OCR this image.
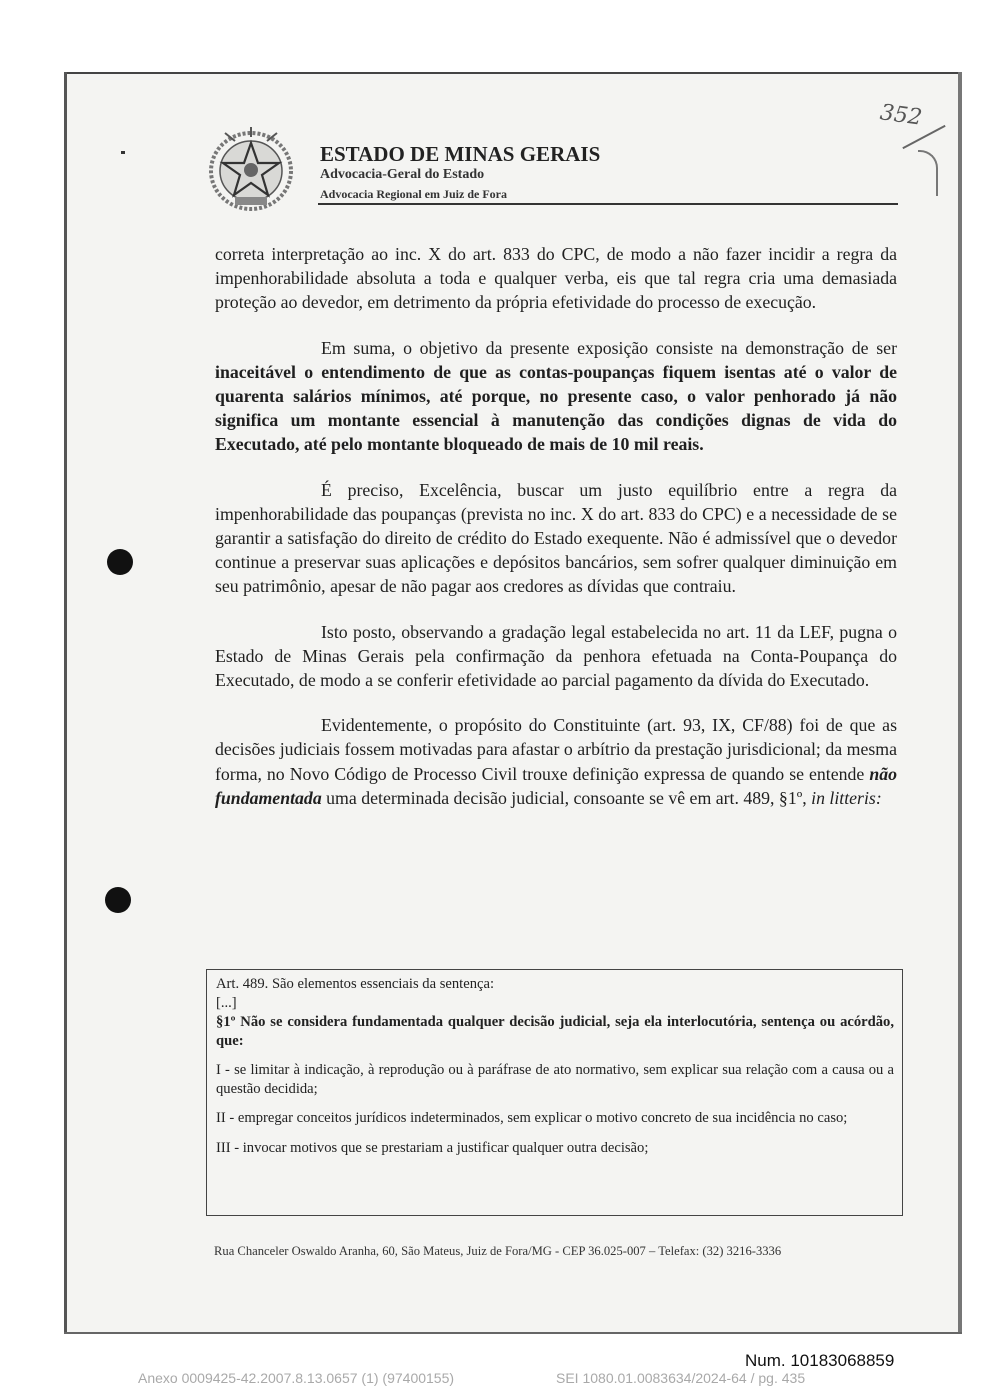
352
ESTADO DE MINAS GERAIS
Advocacia-Geral do Estado
Advocacia Regional em Juiz de Fora

correta interpretação ao inc. X do art. 833 do CPC, de modo a não fazer incidir a regra da impenhorabilidade absoluta a toda e qualquer verba, eis que tal regra cria uma demasiada proteção ao devedor, em detrimento da própria efetividade do processo de execução.

Em suma, o objetivo da presente exposição consiste na demonstração de ser inaceitável o entendimento de que as contas-poupanças fiquem isentas até o valor de quarenta salários mínimos, até porque, no presente caso, o valor penhorado já não significa um montante essencial à manutenção das condições dignas de vida do Executado, até pelo montante bloqueado de mais de 10 mil reais.

É preciso, Excelência, buscar um justo equilíbrio entre a regra da impenhorabilidade das poupanças (prevista no inc. X do art. 833 do CPC) e a necessidade de se garantir a satisfação do direito de crédito do Estado exequente. Não é admissível que o devedor continue a preservar suas aplicações e depósitos bancários, sem sofrer qualquer diminuição em seu patrimônio, apesar de não pagar aos credores as dívidas que contraiu.

Isto posto, observando a gradação legal estabelecida no art. 11 da LEF, pugna o Estado de Minas Gerais pela confirmação da penhora efetuada na Conta-Poupança do Executado, de modo a se conferir efetividade ao parcial pagamento da dívida do Executado.

Evidentemente, o propósito do Constituinte (art. 93, IX, CF/88) foi de que as decisões judiciais fossem motivadas para afastar o arbítrio da prestação jurisdicional; da mesma forma, no Novo Código de Processo Civil trouxe definição expressa de quando se entende não fundamentada uma determinada decisão judicial, consoante se vê em art. 489, §1º, in litteris:

Art. 489. São elementos essenciais da sentença:

[...]

§1º Não se considera fundamentada qualquer decisão judicial, seja ela interlocutória, sentença ou acórdão, que:

I - se limitar à indicação, à reprodução ou à paráfrase de ato normativo, sem explicar sua relação com a causa ou a questão decidida;

II - empregar conceitos jurídicos indeterminados, sem explicar o motivo concreto de sua incidência no caso;

III - invocar motivos que se prestariam a justificar qualquer outra decisão;

Rua Chanceler Oswaldo Aranha, 60, São Mateus, Juiz de Fora/MG - CEP 36.025-007 – Telefax: (32) 3216-3336
Num. 10183068859
Anexo 0009425-42.2007.8.13.0657 (1) (97400155)	SEI 1080.01.0083634/2024-64 / pg. 435
